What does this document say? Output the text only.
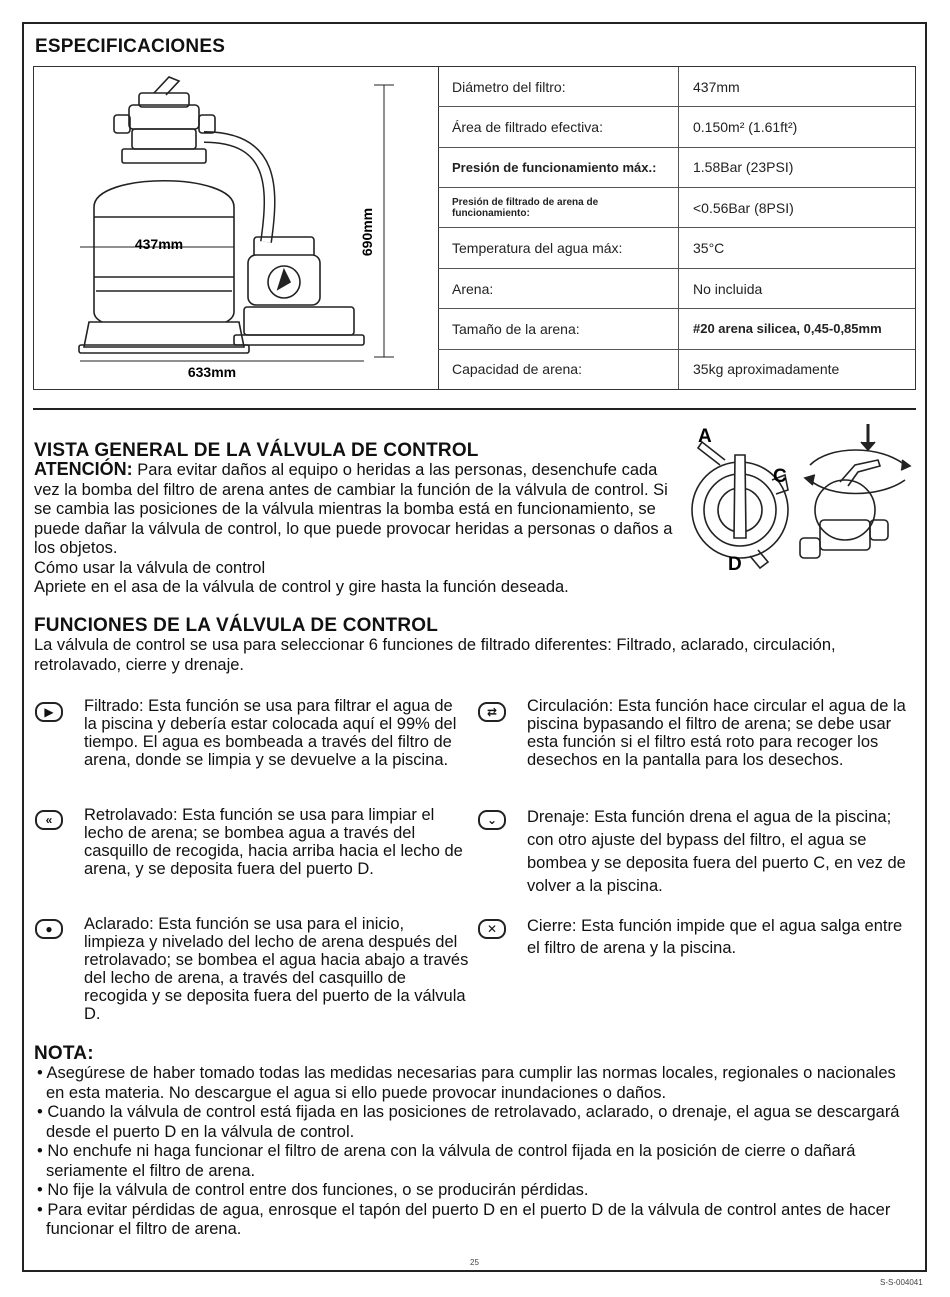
ESPECIFICACIONES
437mm
633mm
690mm
Diámetro del filtro:	437mm
Área de filtrado efectiva:	0.150m² (1.61ft²)
Presión de funcionamiento máx.:	1.58Bar (23PSI)
Presión de filtrado de arena de funcionamiento:	<0.56Bar (8PSI)
Temperatura del agua máx:	35°C
Arena:	No incluida
Tamaño de la arena:	#20 arena silicea, 0,45-0,85mm
Capacidad de arena:	35kg aproximadamente
VISTA GENERAL DE LA VÁLVULA DE CONTROL
ATENCIÓN: Para evitar daños al equipo o heridas a las personas, desenchufe cada vez la bomba del filtro de arena antes de cambiar la función de la válvula de control. Si se cambia las posiciones de la válvula mientras la bomba está en funcionamiento, se puede dañar la válvula de control, lo que puede provocar heridas a personas o daños a los objetos.
Cómo usar la válvula de control
Apriete en el asa de la válvula de control y gire hasta la función deseada.
A
C
D
FUNCIONES DE LA VÁLVULA DE CONTROL
La válvula de control se usa para seleccionar 6 funciones de filtrado diferentes: Filtrado, aclarado, circulación, retrolavado, cierre y drenaje.
▶	Filtrado: Esta función se usa para filtrar el agua de la piscina y debería estar colocada aquí el 99% del tiempo. El agua es bombeada a través del filtro de arena, donde se limpia y se devuelve a la piscina.
⇄	Circulación: Esta función hace circular el agua de la piscina bypasando el filtro de arena; se debe usar esta función si el filtro está roto para recoger los desechos en la pantalla para los desechos.
«	Retrolavado: Esta función se usa para limpiar el lecho de arena; se bombea agua a través del casquillo de recogida, hacia arriba hacia el lecho de arena, y se deposita fuera del puerto D.
⌄	Drenaje: Esta función drena el agua de la piscina; con otro ajuste del bypass del filtro, el agua se bombea y se deposita fuera del puerto C, en vez de volver a la piscina.
●	Aclarado: Esta función se usa para el inicio, limpieza y nivelado del lecho de arena después del retrolavado; se bombea el agua hacia abajo a través del lecho de arena, a través del casquillo de recogida y se deposita fuera del puerto de la válvula D.
✕	Cierre: Esta función impide que el agua salga entre el filtro de arena y la piscina.
NOTA:
• Asegúrese de haber tomado todas las medidas necesarias para cumplir las normas locales, regionales o nacionales en esta materia. No descargue el agua si ello puede provocar inundaciones o daños.
• Cuando la válvula de control está fijada en las posiciones de retrolavado, aclarado, o drenaje, el agua se descargará desde el puerto D en la válvula de control.
• No enchufe ni haga funcionar el filtro de arena con la válvula de control fijada en la posición de cierre o dañará seriamente el filtro de arena.
• No fije la válvula de control entre dos funciones, o se producirán pérdidas.
• Para evitar pérdidas de agua, enrosque el tapón del puerto D en el puerto D de la válvula de control antes de hacer funcionar el filtro de arena.
25
S-S-004041
